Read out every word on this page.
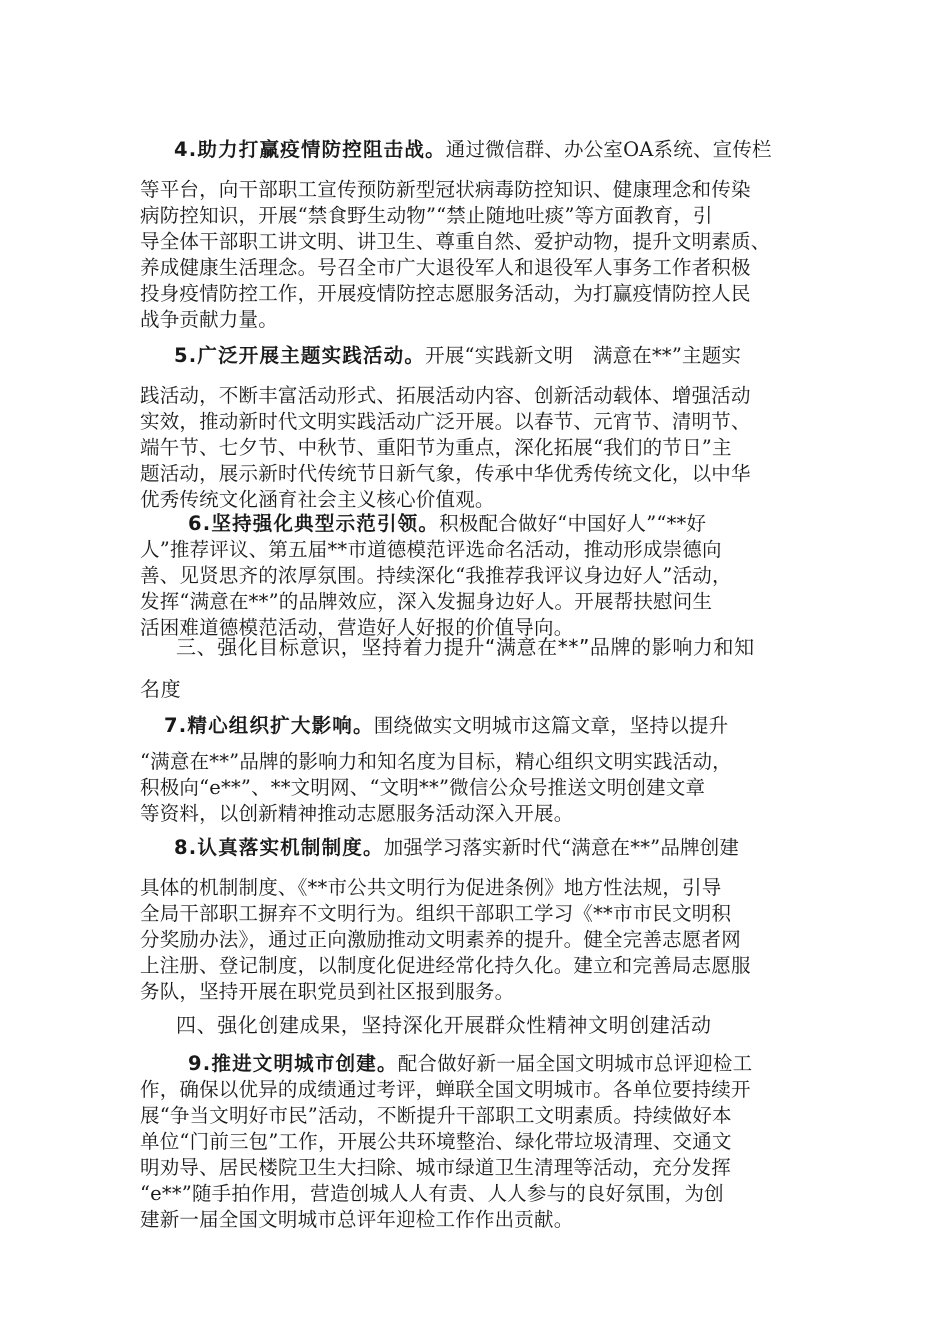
4.助力打赢疫情防控阻击战。通过微信群、办公室OA系统、宣传栏
等平台，向干部职工宣传预防新型冠状病毒防控知识、健康理念和传染
病防控知识，开展“禁食野生动物”“禁止随地吐痰”等方面教育，引
导全体干部职工讲文明、讲卫生、尊重自然、爱护动物，提升文明素质、
养成健康生活理念。号召全市广大退役军人和退役军人事务工作者积极
投身疫情防控工作，开展疫情防控志愿服务活动，为打赢疫情防控人民
战争贡献力量。
5.广泛开展主题实践活动。开展“实践新文明　满意在**”主题实
践活动，不断丰富活动形式、拓展活动内容、创新活动载体、增强活动
实效，推动新时代文明实践活动广泛开展。以春节、元宵节、清明节、
端午节、七夕节、中秋节、重阳节为重点，深化拓展“我们的节日”主
题活动，展示新时代传统节日新气象，传承中华优秀传统文化，以中华
优秀传统文化涵育社会主义核心价值观。
6.坚持强化典型示范引领。积极配合做好“中国好人”“**好
人”推荐评议、第五届**市道德模范评选命名活动，推动形成崇德向
善、见贤思齐的浓厚氛围。持续深化“我推荐我评议身边好人”活动，
发挥“满意在**”的品牌效应，深入发掘身边好人。开展帮扶慰问生
活困难道德模范活动，营造好人好报的价值导向。
三、强化目标意识，坚持着力提升“满意在**”品牌的影响力和知
名度
7.精心组织扩大影响。围绕做实文明城市这篇文章，坚持以提升
“满意在**”品牌的影响力和知名度为目标，精心组织文明实践活动，
积极向“e**”、**文明网、“文明**”微信公众号推送文明创建文章
等资料，以创新精神推动志愿服务活动深入开展。
8.认真落实机制制度。加强学习落实新时代“满意在**”品牌创建
具体的机制制度、《**市公共文明行为促进条例》地方性法规，引导
全局干部职工摒弃不文明行为。组织干部职工学习《**市市民文明积
分奖励办法》，通过正向激励推动文明素养的提升。健全完善志愿者网
上注册、登记制度，以制度化促进经常化持久化。建立和完善局志愿服
务队，坚持开展在职党员到社区报到服务。
四、强化创建成果，坚持深化开展群众性精神文明创建活动
9.推进文明城市创建。配合做好新一届全国文明城市总评迎检工
作，确保以优异的成绩通过考评，蝉联全国文明城市。各单位要持续开
展“争当文明好市民”活动，不断提升干部职工文明素质。持续做好本
单位“门前三包”工作，开展公共环境整治、绿化带垃圾清理、交通文
明劝导、居民楼院卫生大扫除、城市绿道卫生清理等活动，充分发挥
“e**”随手拍作用，营造创城人人有责、人人参与的良好氛围，为创
建新一届全国文明城市总评年迎检工作作出贡献。
